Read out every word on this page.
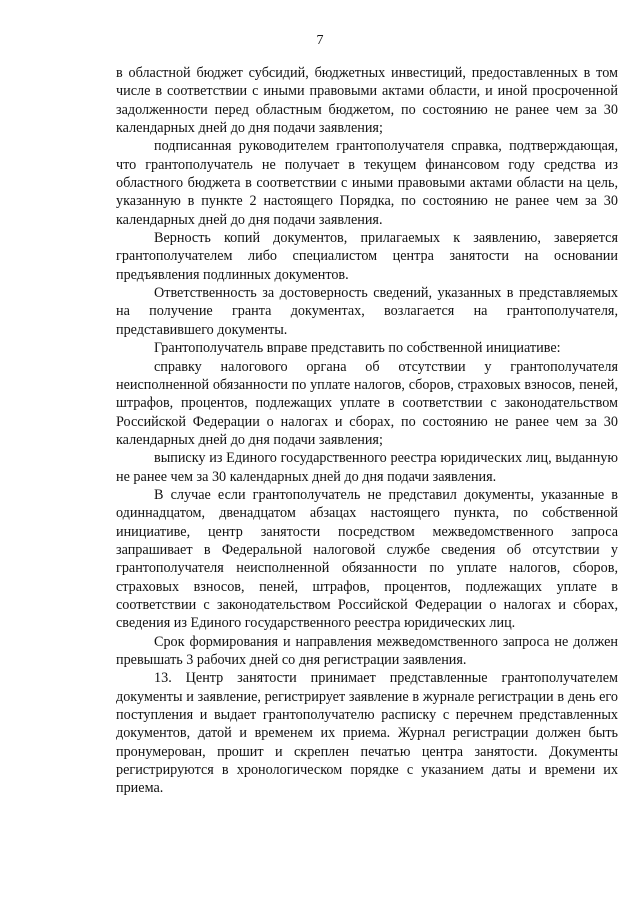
7

в областной бюджет субсидий, бюджетных инвестиций, предоставленных в том числе в соответствии с иными правовыми актами области, и иной просроченной задолженности перед областным бюджетом, по состоянию не ранее чем за 30 календарных дней до дня подачи заявления;

подписанная руководителем грантополучателя справка, подтверждающая, что грантополучатель не получает в текущем финансовом году средства из областного бюджета в соответствии с иными правовыми актами области на цель, указанную в пункте 2 настоящего Порядка, по состоянию не ранее чем за 30 календарных дней до дня подачи заявления.

Верность копий документов, прилагаемых к заявлению, заверяется грантополучателем либо специалистом центра занятости на основании предъявления подлинных документов.

Ответственность за достоверность сведений, указанных в представляемых на получение гранта документах, возлагается на грантополучателя, представившего документы.

Грантополучатель вправе представить по собственной инициативе:

справку налогового органа об отсутствии у грантополучателя неисполненной обязанности по уплате налогов, сборов, страховых взносов, пеней, штрафов, процентов, подлежащих уплате в соответствии с законодательством Российской Федерации о налогах и сборах, по состоянию не ранее чем за 30 календарных дней до дня подачи заявления;

выписку из Единого государственного реестра юридических лиц, выданную не ранее чем за 30 календарных дней до дня подачи заявления.

В случае если грантополучатель не представил документы, указанные в одиннадцатом, двенадцатом абзацах настоящего пункта, по собственной инициативе, центр занятости посредством межведомственного запроса запрашивает в Федеральной налоговой службе сведения об отсутствии у грантополучателя неисполненной обязанности по уплате налогов, сборов, страховых взносов, пеней, штрафов, процентов, подлежащих уплате в соответствии с законодательством Российской Федерации о налогах и сборах, сведения из Единого государственного реестра юридических лиц.

Срок формирования и направления межведомственного запроса не должен превышать 3 рабочих дней со дня регистрации заявления.

13. Центр занятости принимает представленные грантополучателем документы и заявление, регистрирует заявление в журнале регистрации в день его поступления и выдает грантополучателю расписку с перечнем представленных документов, датой и временем их приема. Журнал регистрации должен быть пронумерован, прошит и скреплен печатью центра занятости. Документы регистрируются в хронологическом порядке с указанием даты и времени их приема.
